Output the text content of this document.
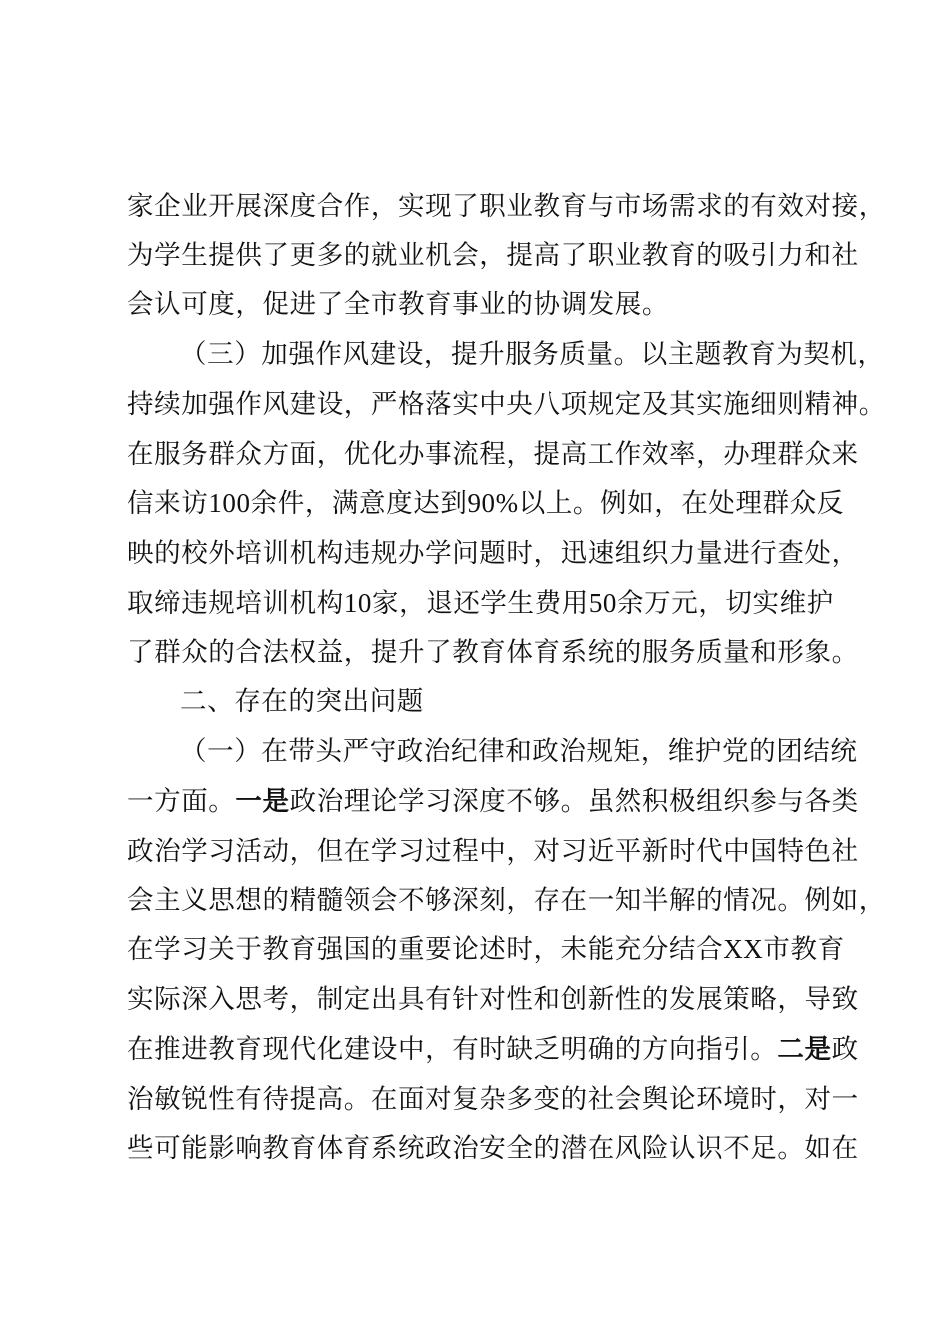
家企业开展深度合作，实现了职业教育与市场需求的有效对接，
为学生提供了更多的就业机会，提高了职业教育的吸引力和社
会认可度，促进了全市教育事业的协调发展。
（三）加强作风建设，提升服务质量。以主题教育为契机，
持续加强作风建设，严格落实中央八项规定及其实施细则精神。
在服务群众方面，优化办事流程，提高工作效率，办理群众来
信来访100余件，满意度达到90%以上。例如，在处理群众反
映的校外培训机构违规办学问题时，迅速组织力量进行查处，
取缔违规培训机构10家，退还学生费用50余万元，切实维护
了群众的合法权益，提升了教育体育系统的服务质量和形象。
二、存在的突出问题
（一）在带头严守政治纪律和政治规矩，维护党的团结统
一方面。一是政治理论学习深度不够。虽然积极组织参与各类
政治学习活动，但在学习过程中，对习近平新时代中国特色社
会主义思想的精髓领会不够深刻，存在一知半解的情况。例如，
在学习关于教育强国的重要论述时，未能充分结合XX市教育
实际深入思考，制定出具有针对性和创新性的发展策略，导致
在推进教育现代化建设中，有时缺乏明确的方向指引。二是政
治敏锐性有待提高。在面对复杂多变的社会舆论环境时，对一
些可能影响教育体育系统政治安全的潜在风险认识不足。如在
